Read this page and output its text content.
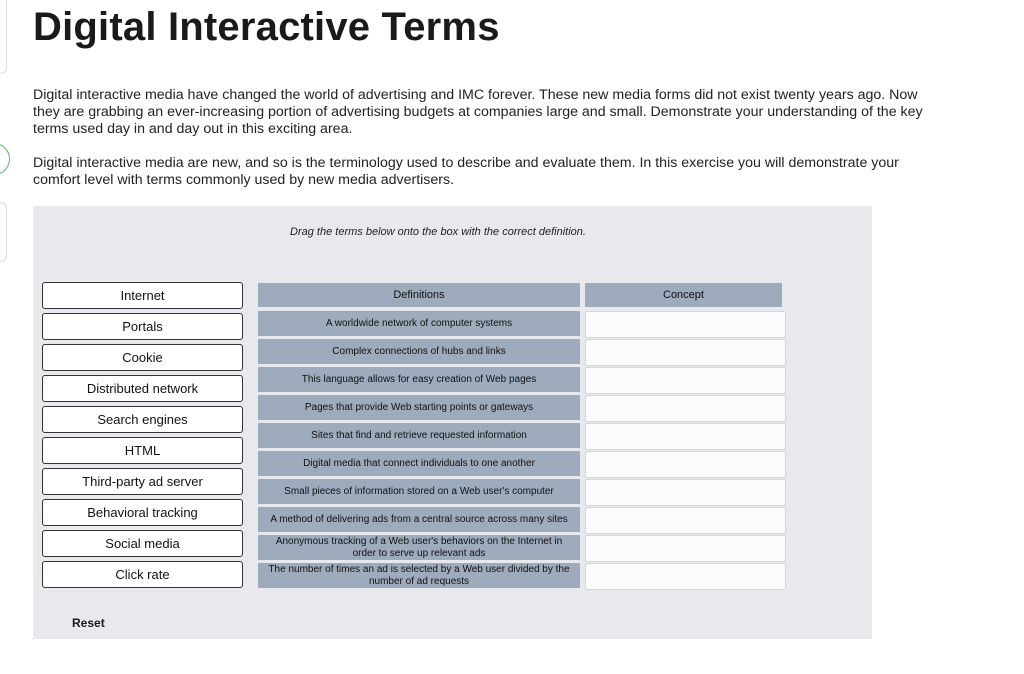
Digital Interactive Terms

Digital interactive media have changed the world of advertising and IMC forever. These new media forms did not exist twenty years ago. Now they are grabbing an ever-increasing portion of advertising budgets at companies large and small. Demonstrate your understanding of the key terms used day in and day out in this exciting area.

Digital interactive media are new, and so is the terminology used to describe and evaluate them. In this exercise you will demonstrate your comfort level with terms commonly used by new media advertisers.

Drag the terms below onto the box with the correct definition.
Internet
Portals
Cookie
Distributed network
Search engines
HTML
Third-party ad server
Behavioral tracking
Social media
Click rate
Definitions	Concept
A worldwide network of computer systems
Complex connections of hubs and links
This language allows for easy creation of Web pages
Pages that provide Web starting points or gateways
Sites that find and retrieve requested information
Digital media that connect individuals to one another
Small pieces of information stored on a Web user's computer
A method of delivering ads from a central source across many sites
Anonymous tracking of a Web user's behaviors on the Internet in order to serve up relevant ads
The number of times an ad is selected by a Web user divided by the number of ad requests
Reset
